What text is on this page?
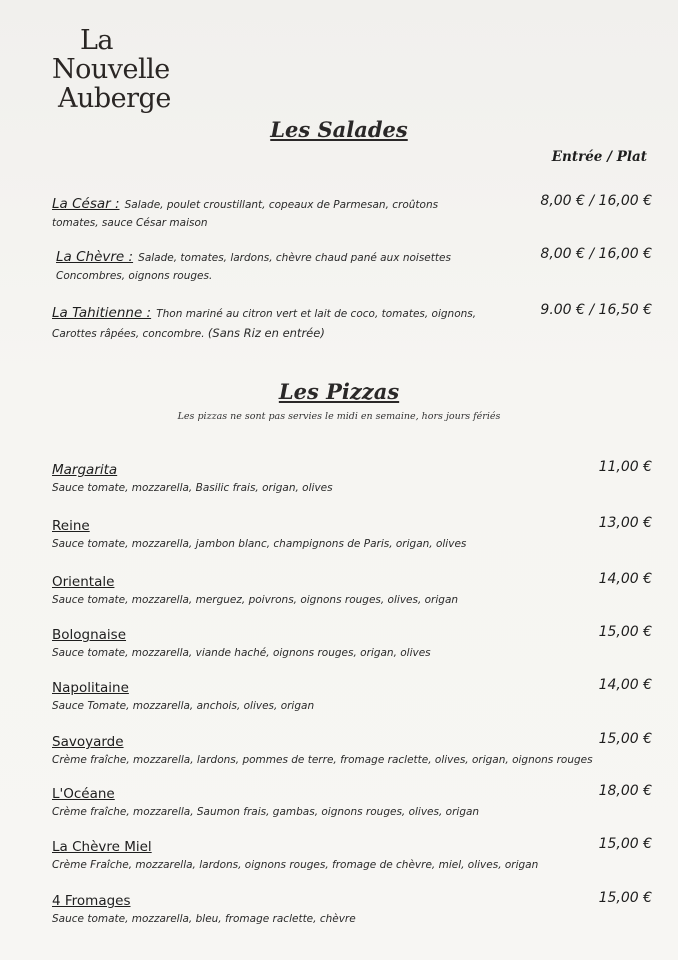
La
Nouvelle
Auberge
Les Salades
Entrée / Plat
La César : Salade, poulet croustillant, copeaux de Parmesan, croûtons
tomates, sauce César maison
8,00 € / 16,00 €
La Chèvre : Salade, tomates, lardons, chèvre chaud pané aux noisettes
Concombres, oignons rouges.
8,00 € / 16,00 €
La Tahitienne : Thon mariné au citron vert et lait de coco, tomates, oignons,
Carottes râpées, concombre. (Sans Riz en entrée)
9.00 € / 16,50 €
Les Pizzas
Les pizzas ne sont pas servies le midi en semaine, hors jours fériés
Margarita
Sauce tomate, mozzarella, Basilic frais, origan, olives
11,00 €
Reine
Sauce tomate, mozzarella, jambon blanc, champignons de Paris, origan, olives
13,00 €
Orientale
Sauce tomate, mozzarella, merguez, poivrons, oignons rouges, olives, origan
14,00 €
Bolognaise
Sauce tomate, mozzarella, viande haché, oignons rouges, origan, olives
15,00 €
Napolitaine
Sauce Tomate, mozzarella, anchois, olives, origan
14,00 €
Savoyarde
Crème fraîche, mozzarella, lardons, pommes de terre, fromage raclette, olives, origan, oignons rouges
15,00 €
L'Océane
Crème fraîche, mozzarella, Saumon frais, gambas, oignons rouges, olives, origan
18,00 €
La Chèvre Miel
Crème Fraîche, mozzarella, lardons, oignons rouges, fromage de chèvre, miel, olives, origan
15,00 €
4 Fromages
Sauce tomate, mozzarella, bleu, fromage raclette, chèvre
15,00 €
